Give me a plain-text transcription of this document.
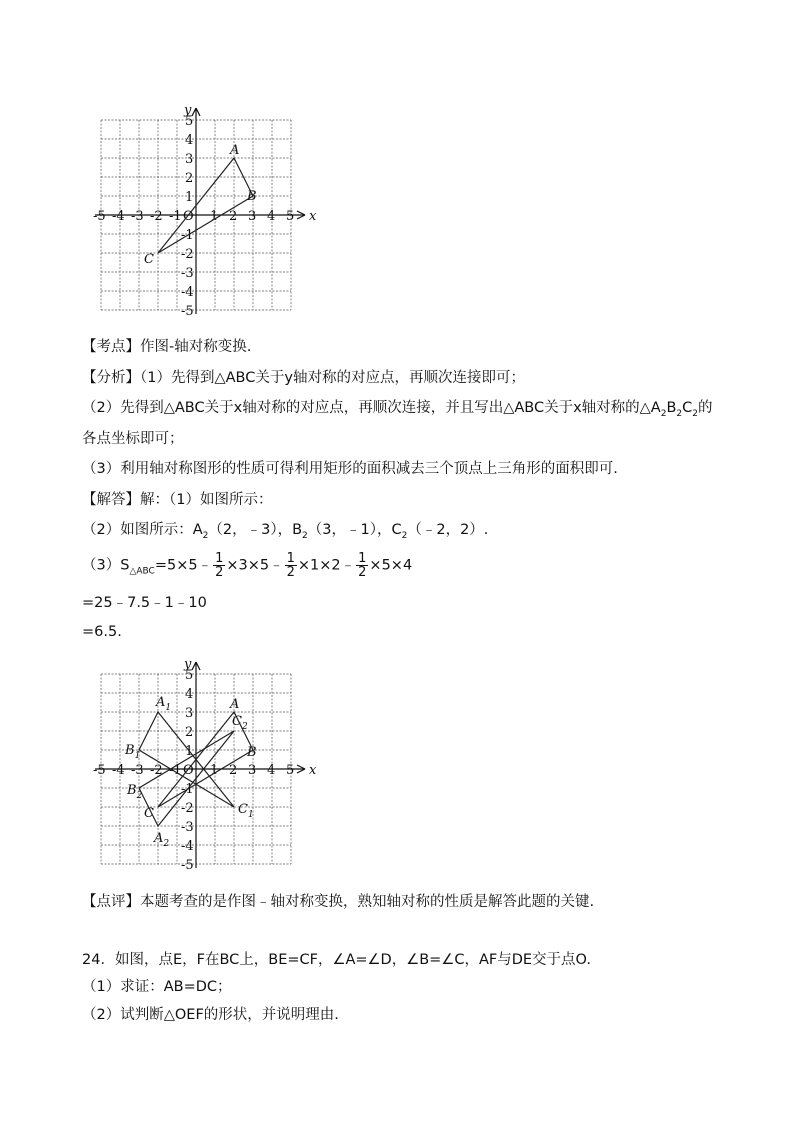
x
y
-5 -4 -3 -2 -1 O 1 2 3 4 5
5
4
3
2
1
-1
-2
-3
-4
-5
A
B
C
【考点】作图-轴对称变换.
【分析】（1）先得到△ABC关于y轴对称的对应点，再顺次连接即可；
（2）先得到△ABC关于x轴对称的对应点，再顺次连接，并且写出△ABC关于x轴对称的$\triangle A_2B_2C_2$的
各点坐标即可；
（3）利用轴对称图形的性质可得利用矩形的面积减去三个顶点上三角形的面积即可.
【解答】解：（1）如图所示：
（2）如图所示：$A_2(2$，﹣3），$B_2(3$，﹣1），$C_2(﹣2$，2）.
$(3)S_{\triangle ABC}=5\times 5﹣ \frac{1}{2}$ ×3×5﹣ $\frac{1}{2}$ ×1×2﹣ $\frac{1}{2} \times 5\times 4$
=25﹣7.5﹣1﹣10
=6.5.
x
y
-5 -4 -3 -2 -1 O 1 2 3 4 5
5
4
3
2
1
-1
-2
-3
-4
-5
A
B
C
$A_1$
$B_1$
$C_1$
$A_2$
$B_2$
$C_2$
【点评】本题考查的是作图﹣轴对称变换，熟知轴对称的性质是解答此题的关键.
24．如图，点E，F在BC上，BE=CF，∠A=∠D，∠B=∠C，AF与DE交于点O.
（1）求证：AB=DC；
（2）试判断△OEF的形状，并说明理由.
